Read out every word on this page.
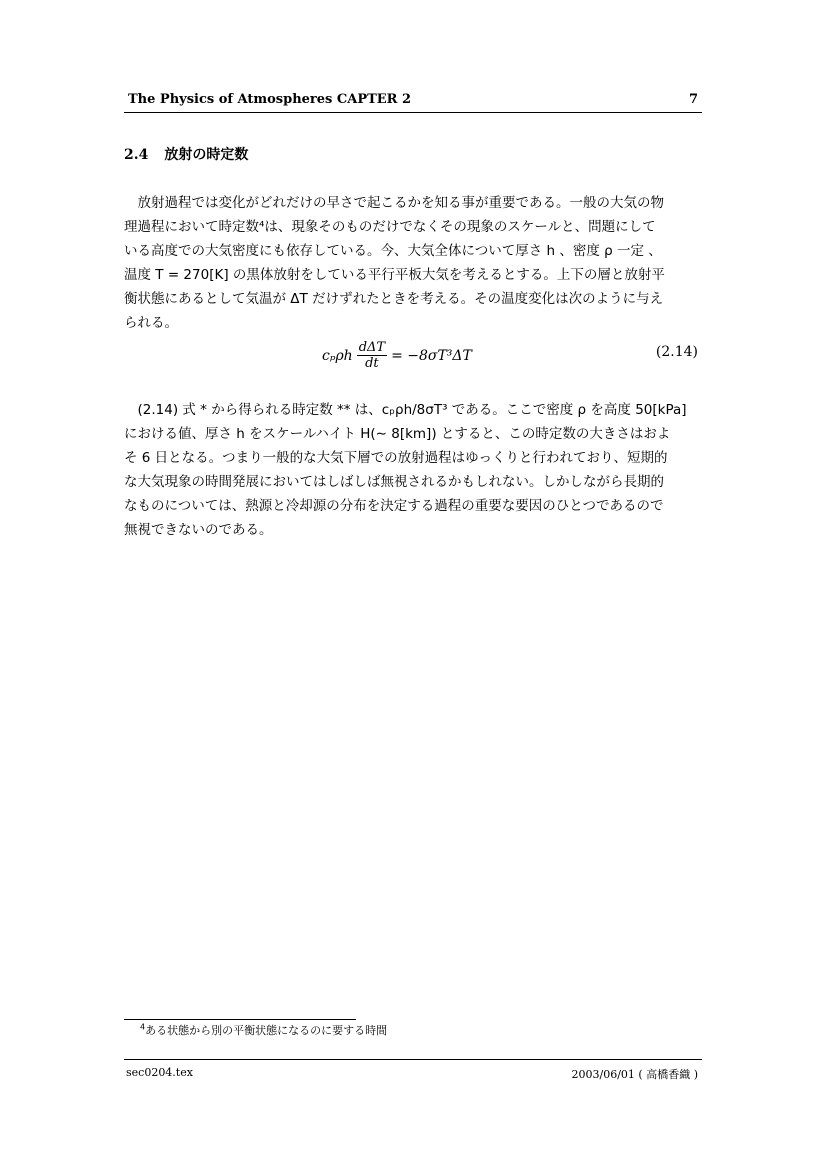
The Physics of Atmospheres CAPTER 2	7
2.4 放射の時定数
　放射過程では変化がどれだけの早さで起こるかを知る事が重要である。一般の大気の物
理過程において時定数⁴は、現象そのものだけでなくその現象のスケールと、問題にして
いる高度での大気密度にも依存している。今、大気全体について厚さ h 、密度 ρ 一定 、
温度 T = 270[K] の黒体放射をしている平行平板大気を考えるとする。上下の層と放射平
衡状態にあるとして気温が ΔT だけずれたときを考える。その温度変化は次のように与え
られる。
cₚρh $\frac{\text{dΔT}}{dt} = -8\sigma T^3\Delta T$	(2.14)
　(2.14) 式 * から得られる時定数 ** は、cₚρh/8σT³ である。ここで密度 ρ を高度 50[kPa]
における値、厚さ h をスケールハイト H(∼ 8[km]) とすると、この時定数の大きさはおよ
そ 6 日となる。つまり一般的な大気下層での放射過程はゆっくりと行われており、短期的
な大気現象の時間発展においてはしばしば無視されるかもしれない。しかしながら長期的
なものについては、熱源と冷却源の分布を決定する過程の重要な要因のひとつであるので
無視できないのである。
$^4$ある状態から別の平衡状態になるのに要する時間
sec0204.tex	2003/06/01 ( 高橋香織 )
